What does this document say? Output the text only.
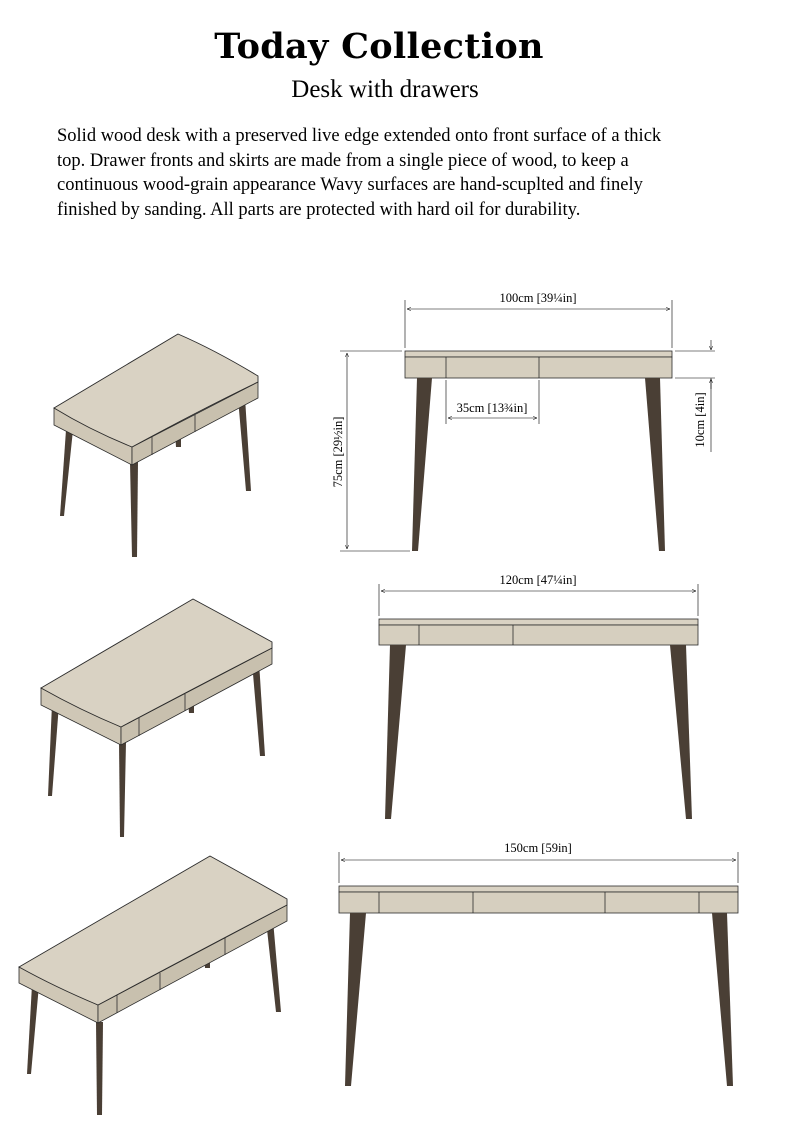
Today Collection
Desk with drawers
Solid wood desk with a preserved live edge extended onto front surface of a thick
top. Drawer fronts and skirts are made from a single piece of wood, to keep a
continuous wood-grain appearance Wavy surfaces are hand-scuplted and finely
finished by sanding. All parts are protected with hard oil for durability.
100cm [39¼in]
75cm [29½in]
35cm [13¾in]	10cm [4in]
120cm [47¼in]
150cm [59in]
